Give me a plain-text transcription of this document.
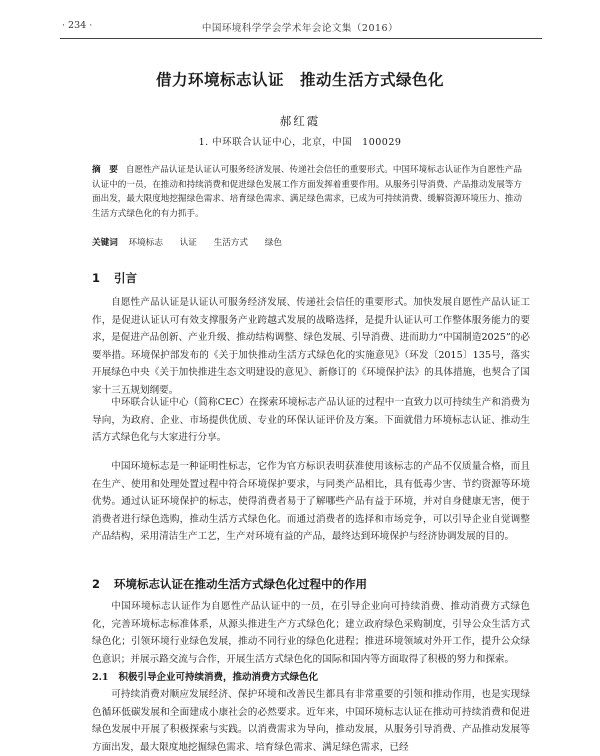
· 234 ·	中国环境科学学会学术年会论文集（2016）
借力环境标志认证　推动生活方式绿色化
郝红霞
1. 中环联合认证中心，北京，中国　100029

摘　要 自愿性产品认证是认证认可服务经济发展、传递社会信任的重要形式。中国环境标志认证作为自愿性产品认证中的一员，在推动和持续消费和促进绿色发展工作方面发挥着重要作用。从服务引导消费、产品推动发展等方面出发，最大限度地挖掘绿色需求、培育绿色需求、满足绿色需求，已成为可持续消费、缓解资源环境压力、推动生活方式绿色化的有力抓手。

关键词 环境标志 认证 生活方式 绿色
1 引言

自愿性产品认证是认证认可服务经济发展、传递社会信任的重要形式。加快发展自愿性产品认证工作，是促进认证认可有效支撑服务产业跨越式发展的战略选择，是提升认证认可工作整体服务能力的要求，是促进产品创新、产业升级、推动结构调整、绿色发展、引导消费、进而助力“中国制造2025”的必要举措。环境保护部发布的《关于加快推动生活方式绿色化的实施意见》（环发〔2015〕135号，落实开展绿色中央《关于加快推进生态文明建设的意见》、新修订的《环境保护法》的具体措施，也契合了国家十三五规划纲要。

中环联合认证中心（简称CEC）在探索环境标志产品认证的过程中一直致力以可持续生产和消费为导向，为政府、企业、市场提供优质、专业的环保认证评价及方案。下面就借力环境标志认证、推动生活方式绿色化与大家进行分享。

中国环境标志是一种证明性标志，它作为官方标识表明获准使用该标志的产品不仅质量合格，而且在生产、使用和处理处置过程中符合环境保护要求，与同类产品相比，具有低毒少害、节约资源等环境优势。通过认证环境保护的标志，使得消费者易于了解哪些产品有益于环境，并对自身健康无害，便于消费者进行绿色选购，推动生活方式绿色化。而通过消费者的选择和市场竞争，可以引导企业自觉调整产品结构，采用清洁生产工艺，生产对环境有益的产品，最终达到环境保护与经济协调发展的目的。

2 环境标志认证在推动生活方式绿色化过程中的作用

中国环境标志认证作为自愿性产品认证中的一员，在引导企业向可持续消费、推动消费方式绿色化，完善环境标志标准体系，从源头推进生产方式绿色化；建立政府绿色采购制度，引导公众生活方式绿色化；引领环境行业绿色发展，推动不同行业的绿色化进程；推进环境领域对外开工作，提升公众绿色意识；并展示路交流与合作，开展生活方式绿色化的国际和国内等方面取得了积极的努力和探索。

2.1 积极引导企业可持续消费，推动消费方式绿色化

可持续消费对顺应发展经济、保护环境和改善民生都具有非常重要的引领和推动作用，也是实现绿色循环低碳发展和全面建成小康社会的必然要求。近年来，中国环境标志认证在推动可持续消费和促进绿色发展中开展了积极探索与实践。以消费需求为导向，推动发展，从服务引导消费、产品推动发展等方面出发，最大限度地挖掘绿色需求、培育绿色需求、满足绿色需求，已经
